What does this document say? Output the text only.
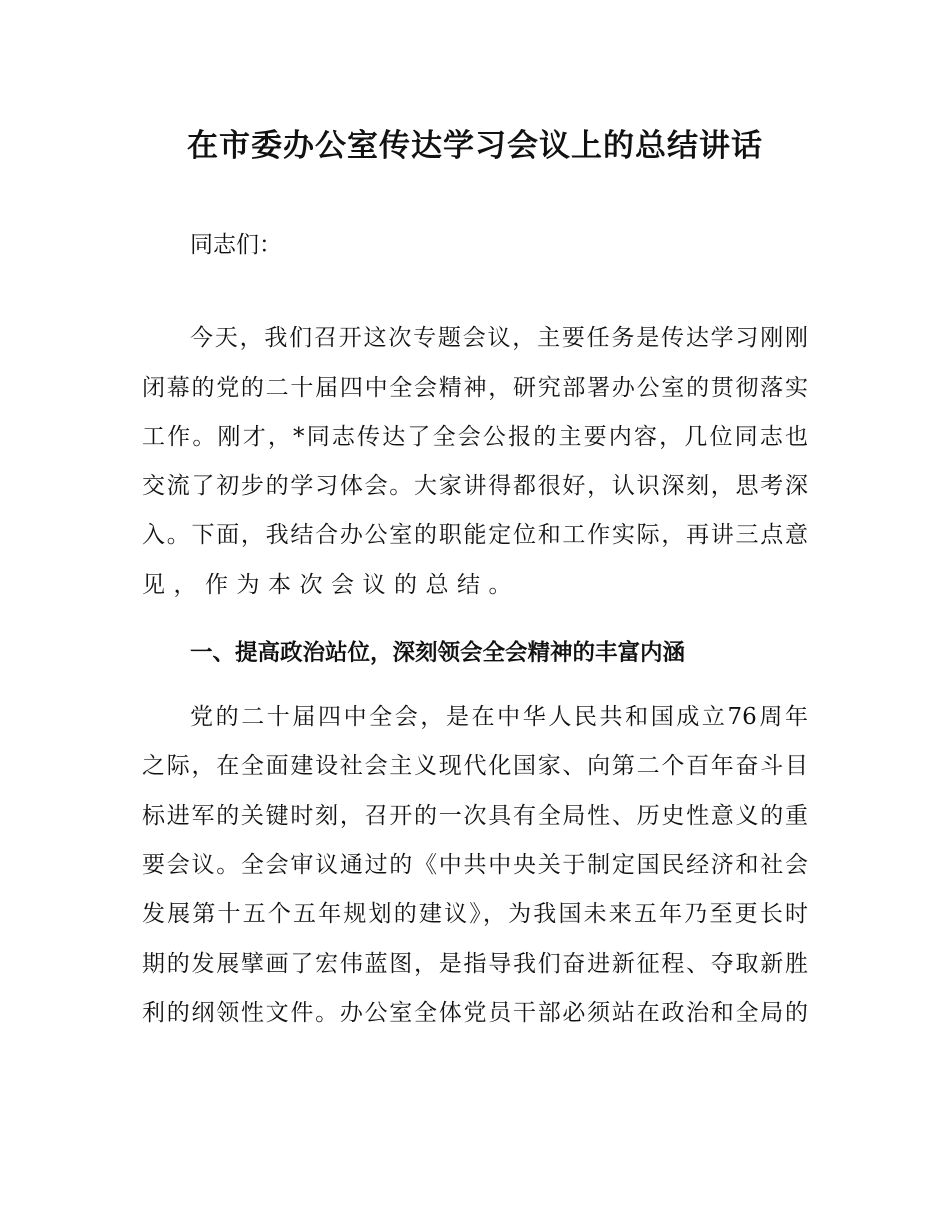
在市委办公室传达学习会议上的总结讲话
同志们：
今天，我们召开这次专题会议，主要任务是传达学习刚刚
闭幕的党的二十届四中全会精神，研究部署办公室的贯彻落实
工作。刚才，*同志传达了全会公报的主要内容，几位同志也
交流了初步的学习体会。大家讲得都很好，认识深刻，思考深
入。下面，我结合办公室的职能定位和工作实际，再讲三点意
见，作为本次会议的总结。
一、提高政治站位，深刻领会全会精神的丰富内涵
党的二十届四中全会，是在中华人民共和国成立76周年
之际，在全面建设社会主义现代化国家、向第二个百年奋斗目
标进军的关键时刻，召开的一次具有全局性、历史性意义的重
要会议。全会审议通过的《中共中央关于制定国民经济和社会
发展第十五个五年规划的建议》，为我国未来五年乃至更长时
期的发展擘画了宏伟蓝图，是指导我们奋进新征程、夺取新胜
利的纲领性文件。办公室全体党员干部必须站在政治和全局的
